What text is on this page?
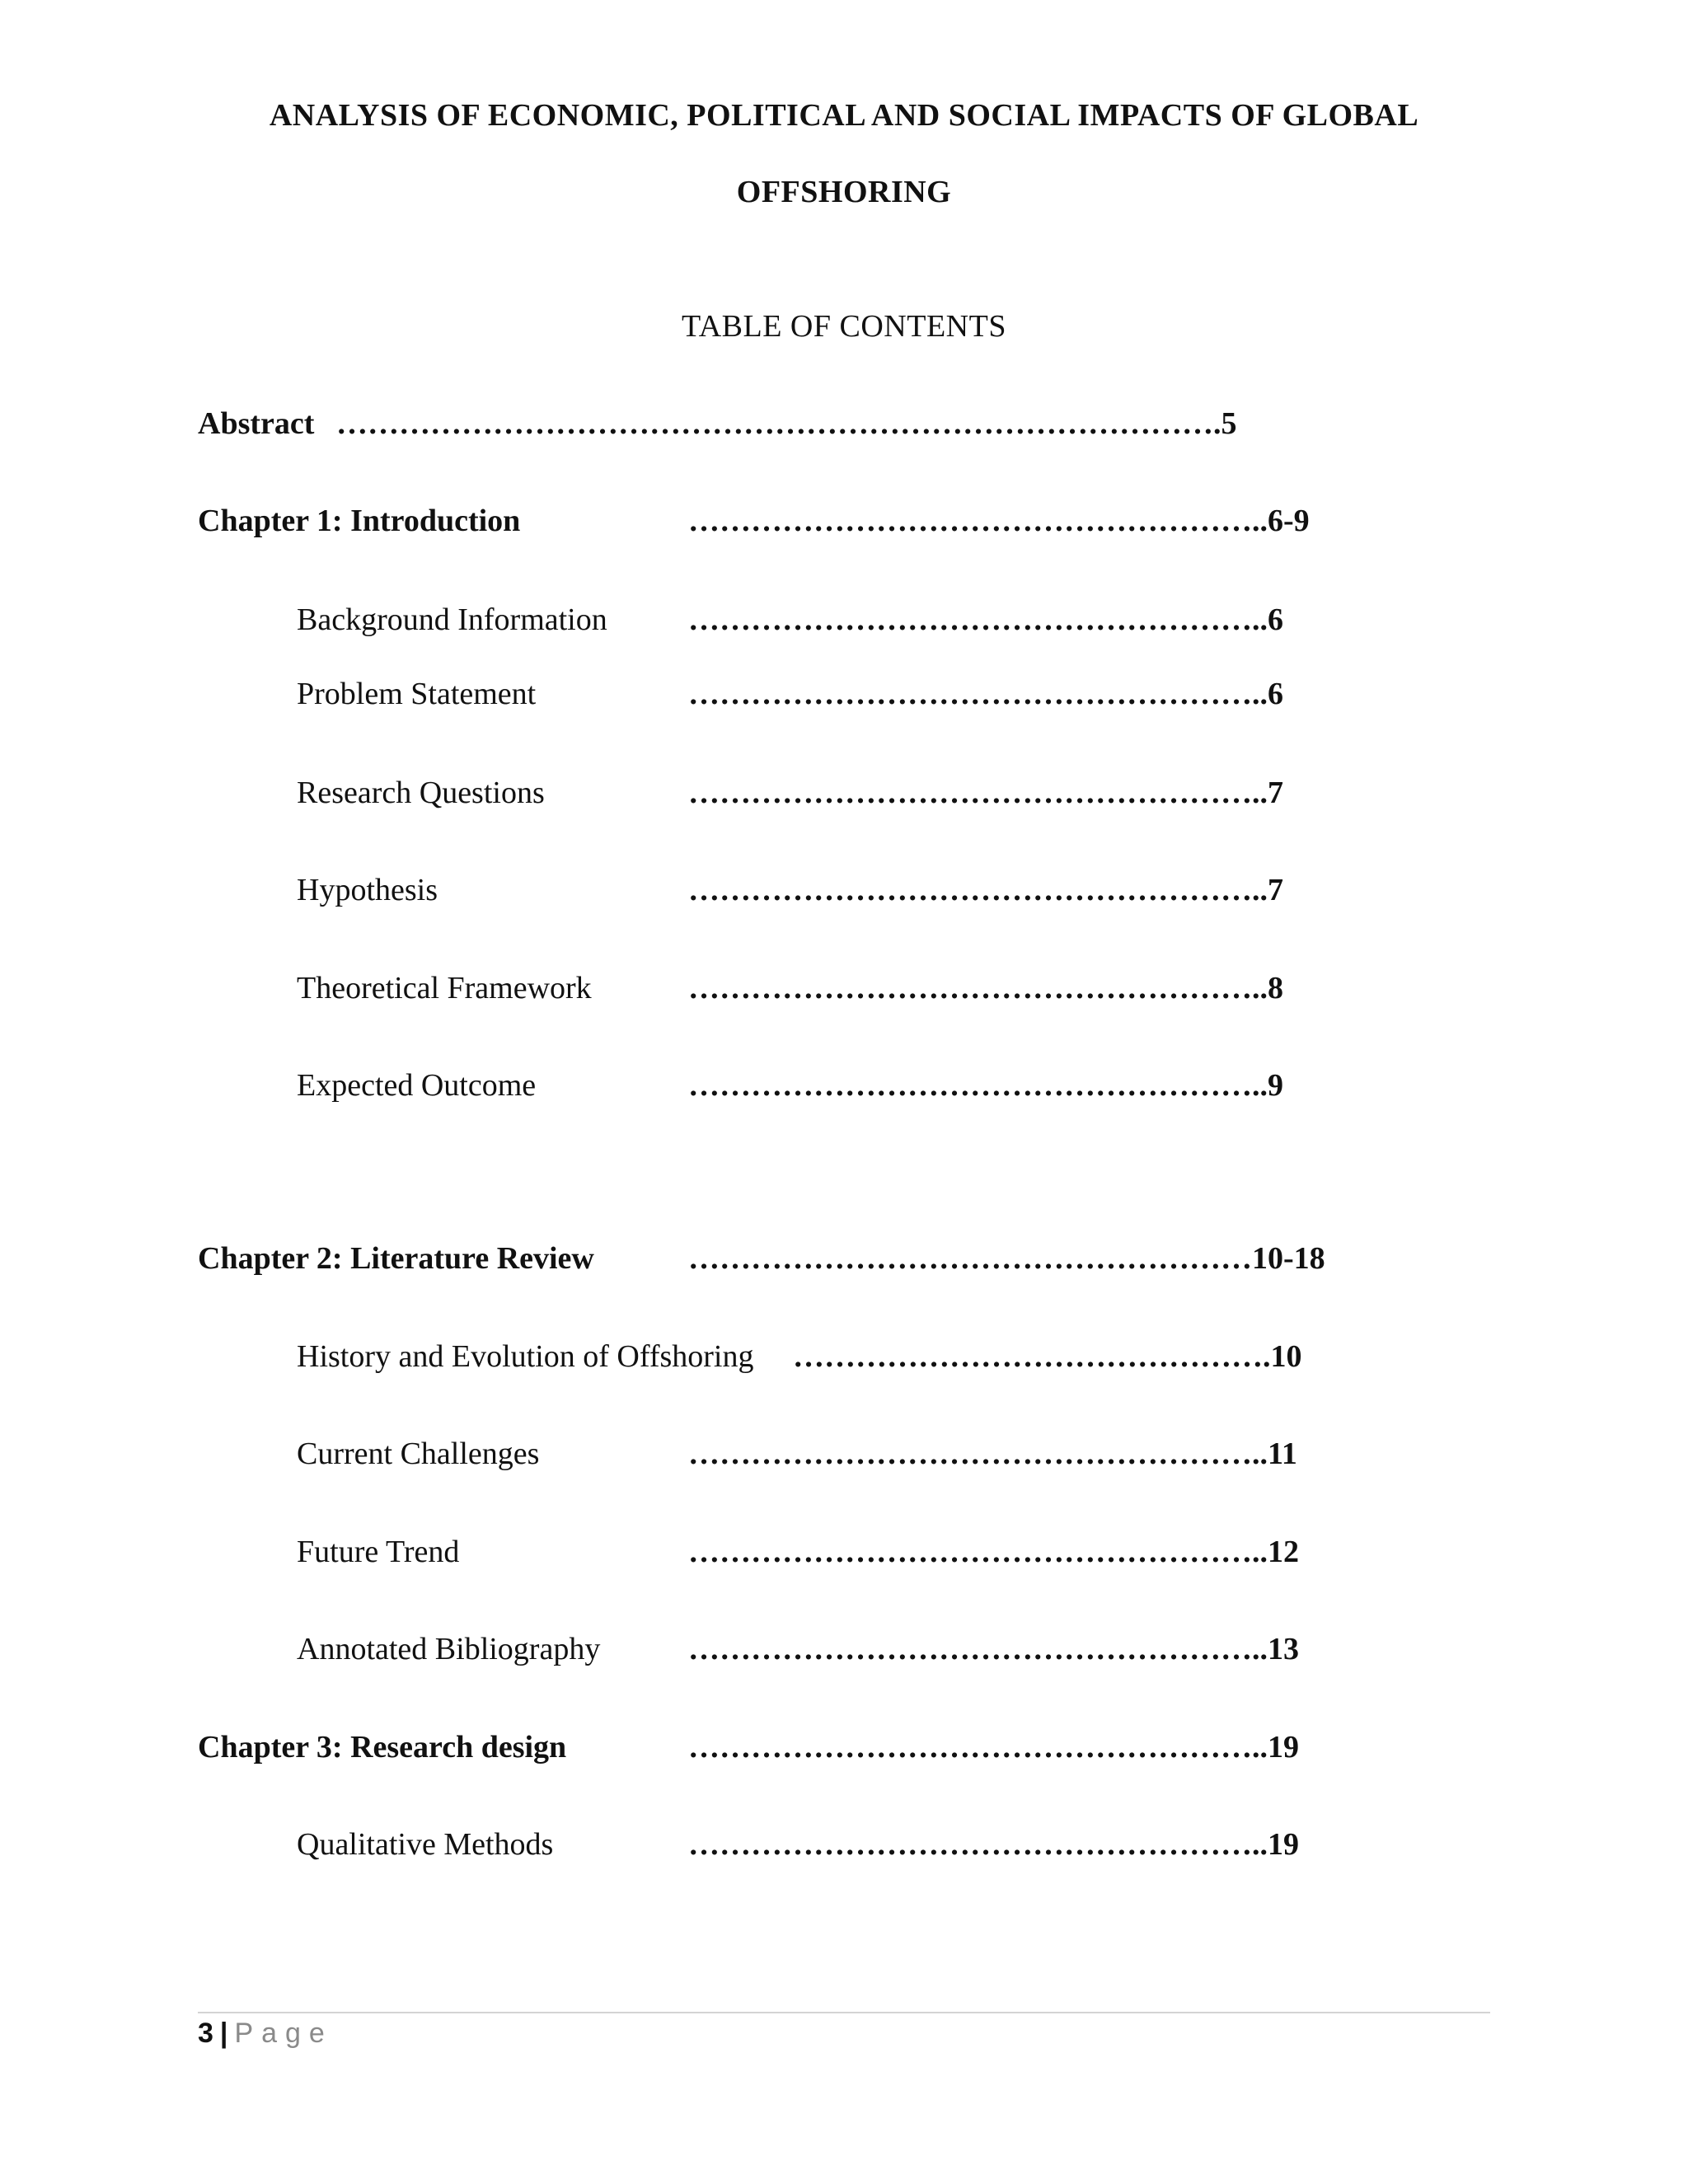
ANALYSIS OF ECONOMIC, POLITICAL AND SOCIAL IMPACTS OF GLOBAL
OFFSHORING
TABLE OF CONTENTS
Abstract ………………………………………………………………………….5
Chapter 1: Introduction	………………………………………………..6-9
Background Information	………………………………………………..6
Problem Statement	………………………………………………..6
Research Questions	………………………………………………..7
Hypothesis	………………………………………………..7
Theoretical Framework	………………………………………………..8
Expected Outcome	………………………………………………..9
Chapter 2: Literature Review	………………………………………………10-18
History and Evolution of Offshoring ……………………………………….10
Current Challenges	………………………………………………..11
Future Trend	………………………………………………..12
Annotated Bibliography	………………………………………………..13
Chapter 3: Research design	………………………………………………..19
Qualitative Methods	………………………………………………..19
3 | Page
